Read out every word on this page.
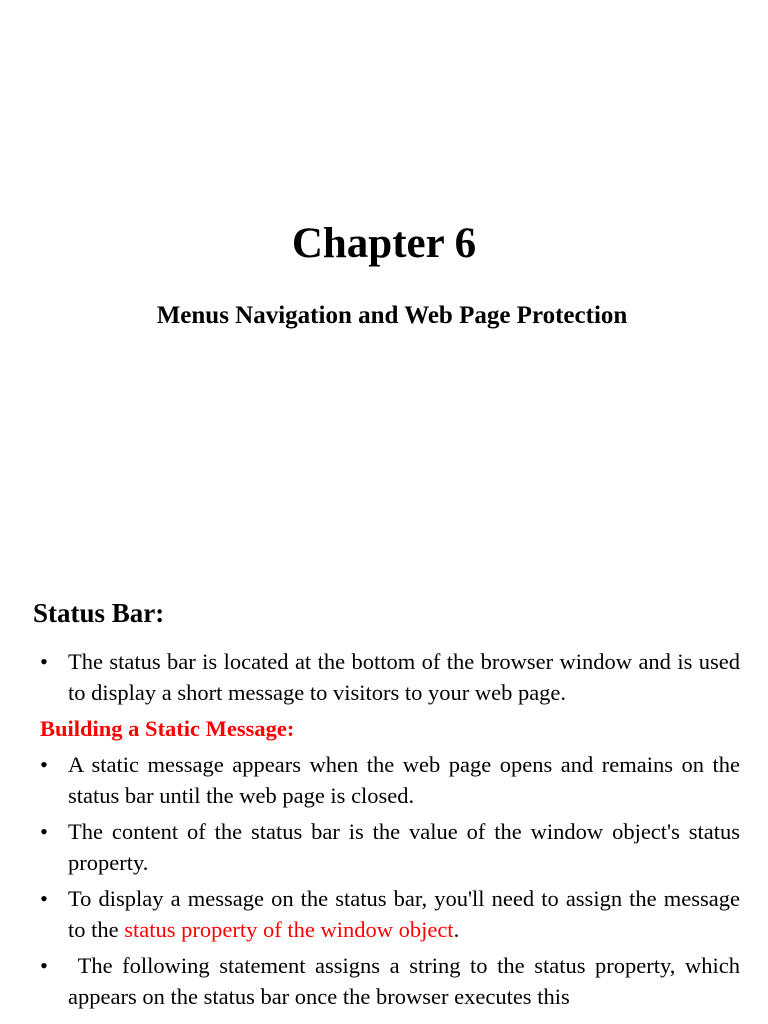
Chapter 6
Menus Navigation and Web Page Protection
Status Bar:
• The status bar is located at the bottom of the browser window and is used to display a short message to visitors to your web page.
Building a Static Message:
• A static message appears when the web page opens and remains on the status bar until the web page is closed.
• The content of the status bar is the value of the window object's status property.
• To display a message on the status bar, you'll need to assign the message to the status property of the window object.
• The following statement assigns a string to the status property, which appears on the status bar once the browser executes this
